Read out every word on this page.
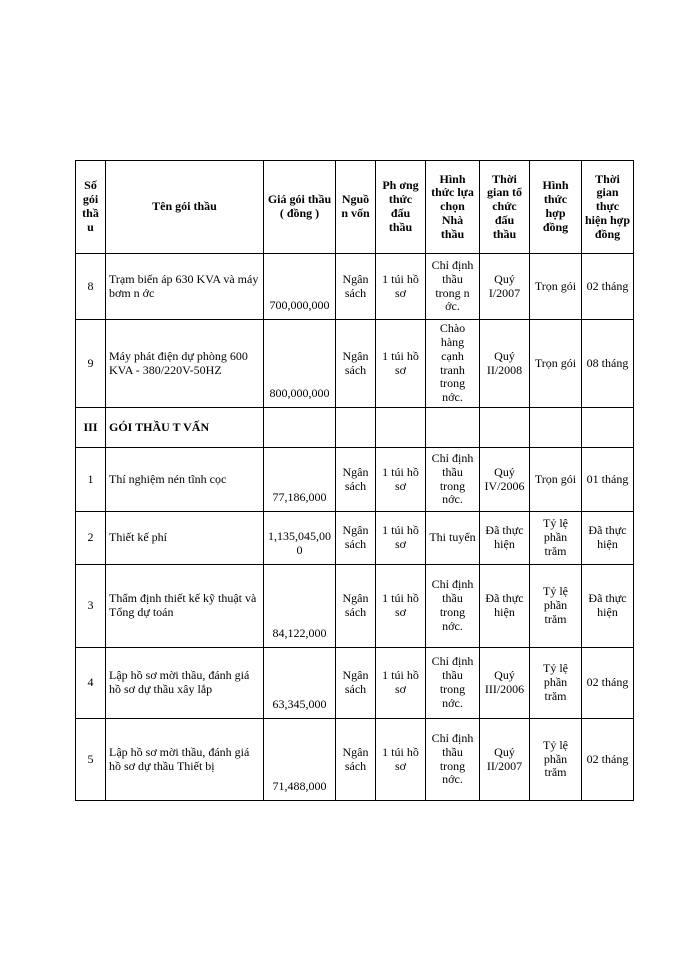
Số gói thầu	Tên gói thầu	Giá gói thầu ( đồng )	Nguồn vốn	Ph ơng thức đấu thầu	Hình thức lựa chọn Nhà thầu	Thời gian tổ chức đấu thầu	Hình thức hợp đồng	Thời gian thực hiện hợp đồng
8	Trạm biến áp 630 KVA và máy bơm n ớc	700,000,000	Ngân sách	1 túi hồ sơ	Chỉ định thầu trong n ớc.	Quý I/2007	Trọn gói	02 tháng
9	Máy phát điện dự phòng 600 KVA - 380/220V-50HZ	800,000,000	Ngân sách	1 túi hồ sơ	Chào hàng cạnh tranh trong nớc.	Quý II/2008	Trọn gói	08 tháng
III	GÓI THẦU T VẤN							
1	Thí nghiệm nén tĩnh cọc	77,186,000	Ngân sách	1 túi hồ sơ	Chỉ định thầu trong nớc.	Quý IV/2006	Trọn gói	01 tháng
2	Thiết kế phí	1,135,045,000	Ngân sách	1 túi hồ sơ	Thi tuyển	Đã thực hiện	Tỷ lệ phần trăm	Đã thực hiện
3	Thẩm định thiết kế kỹ thuật và Tổng dự toán	84,122,000	Ngân sách	1 túi hồ sơ	Chỉ định thầu trong nớc.	Đã thực hiện	Tỷ lệ phần trăm	Đã thực hiện
4	Lập hồ sơ mời thầu, đánh giá hồ sơ dự thầu xây lắp	63,345,000	Ngân sách	1 túi hồ sơ	Chỉ định thầu trong nớc.	Quý III/2006	Tỷ lệ phần trăm	02 tháng
5	Lập hồ sơ mời thầu, đánh giá hồ sơ dự thầu Thiết bị	71,488,000	Ngân sách	1 túi hồ sơ	Chỉ định thầu trong nớc.	Quý II/2007	Tỷ lệ phần trăm	02 tháng
